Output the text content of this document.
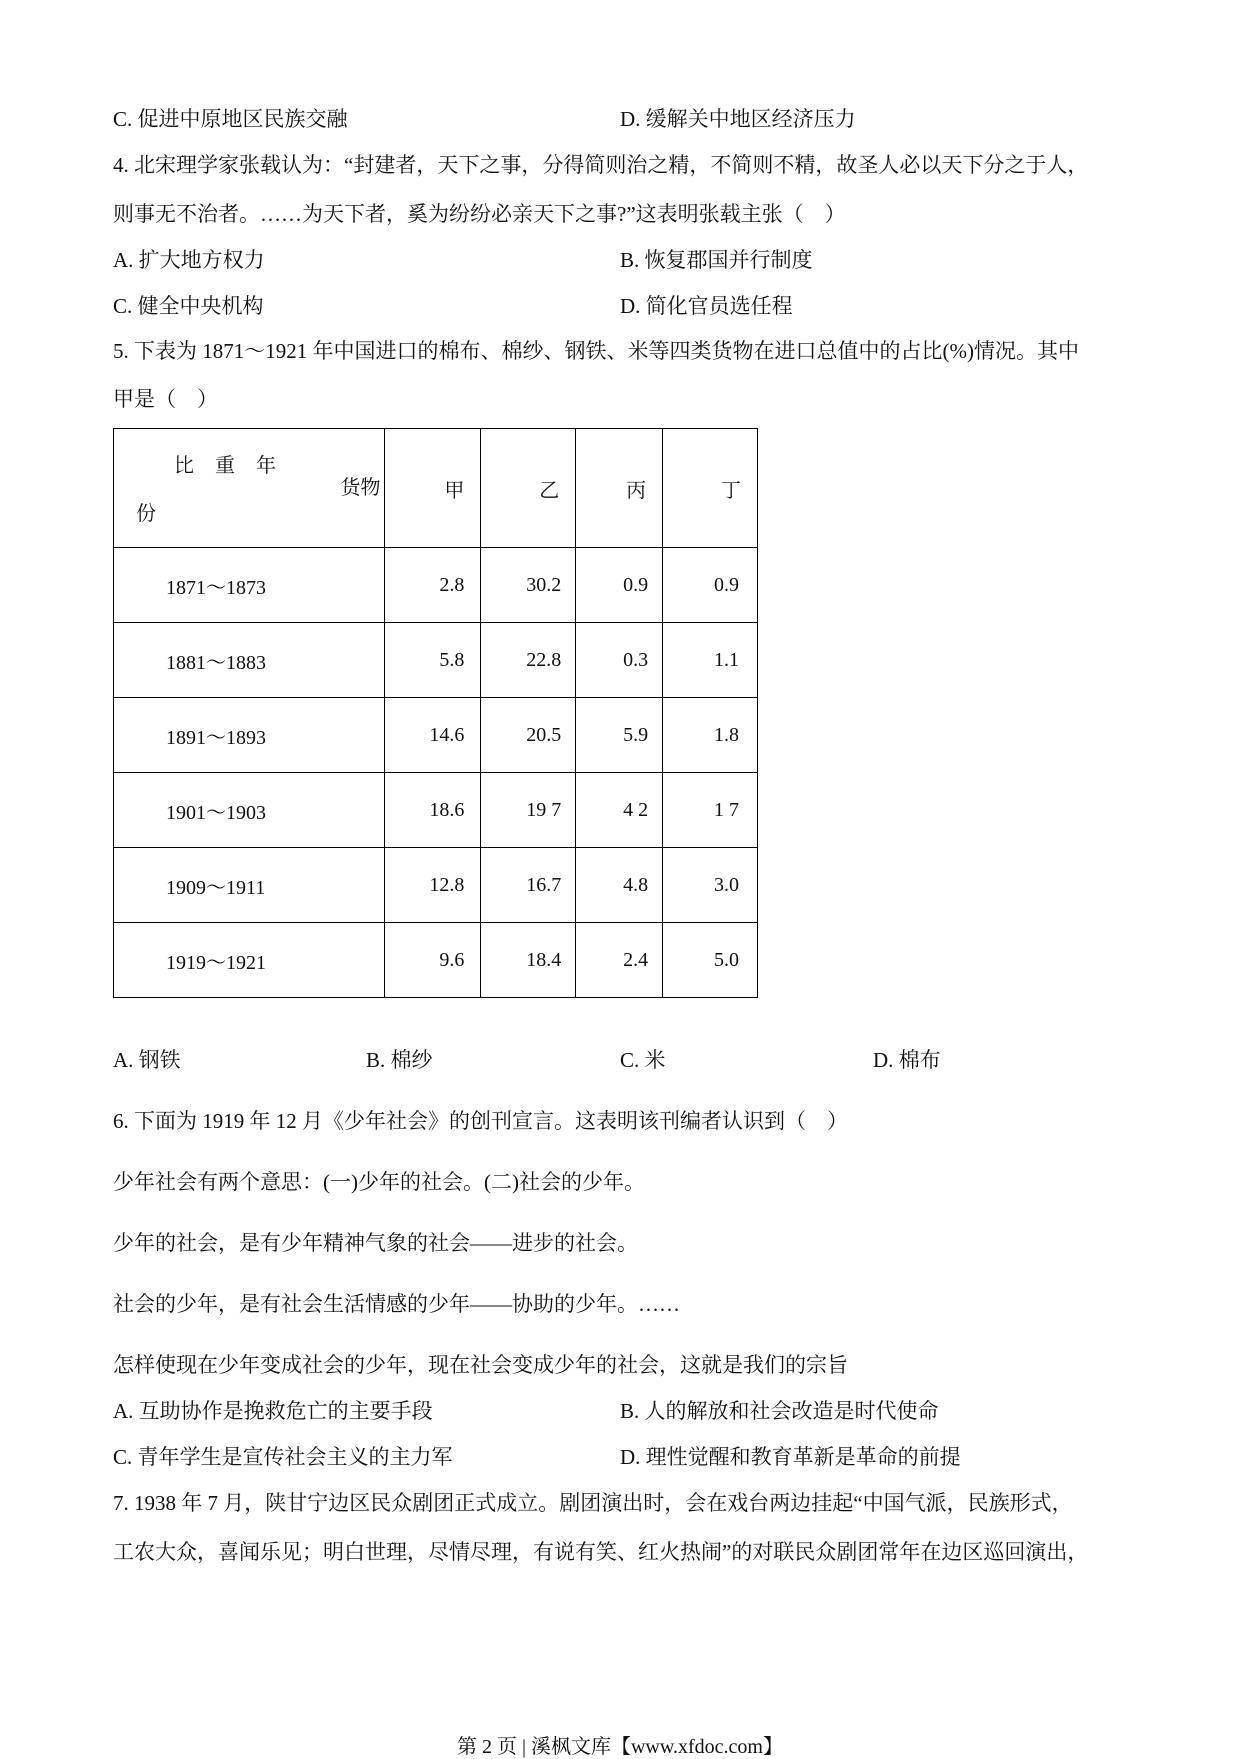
C. 促进中原地区民族交融	D. 缓解关中地区经济压力
4. 北宋理学家张载认为：“封建者，天下之事，分得简则治之精，不简则不精，故圣人必以天下分之于人，
则事无不治者。……为天下者，奚为纷纷必亲天下之事?”这表明张载主张（　）
A. 扩大地方权力	B. 恢复郡国并行制度
C. 健全中央机构	D. 简化官员选任程
5. 下表为 1871～1921 年中国进口的棉布、棉纱、钢铁、米等四类货物在进口总值中的占比(%)情况。其中
甲是（　）
比 重 年
份
货物	甲	乙	丙	丁
1871～1873	2.8	30.2	0.9	0.9
1881～1883	5.8	22.8	0.3	1.1
1891～1893	14.6	20.5	5.9	1.8
1901～1903	18.6	19 7	4 2	1 7
1909～1911	12.8	16.7	4.8	3.0
1919～1921	9.6	18.4	2.4	5.0
A. 钢铁	B. 棉纱	C. 米	D. 棉布
6. 下面为 1919 年 12 月《少年社会》的创刊宣言。这表明该刊编者认识到（　）
少年社会有两个意思：(一)少年的社会。(二)社会的少年。
少年的社会，是有少年精神气象的社会——进步的社会。
社会的少年，是有社会生活情感的少年——协助的少年。……
怎样使现在少年变成社会的少年，现在社会变成少年的社会，这就是我们的宗旨
A. 互助协作是挽救危亡的主要手段	B. 人的解放和社会改造是时代使命
C. 青年学生是宣传社会主义的主力军	D. 理性觉醒和教育革新是革命的前提
7. 1938 年 7 月，陕甘宁边区民众剧团正式成立。剧团演出时，会在戏台两边挂起“中国气派，民族形式，
工农大众，喜闻乐见；明白世理，尽情尽理，有说有笑、红火热闹”的对联民众剧团常年在边区巡回演出，
第 2 页 | 溪枫文库【www.xfdoc.com】
